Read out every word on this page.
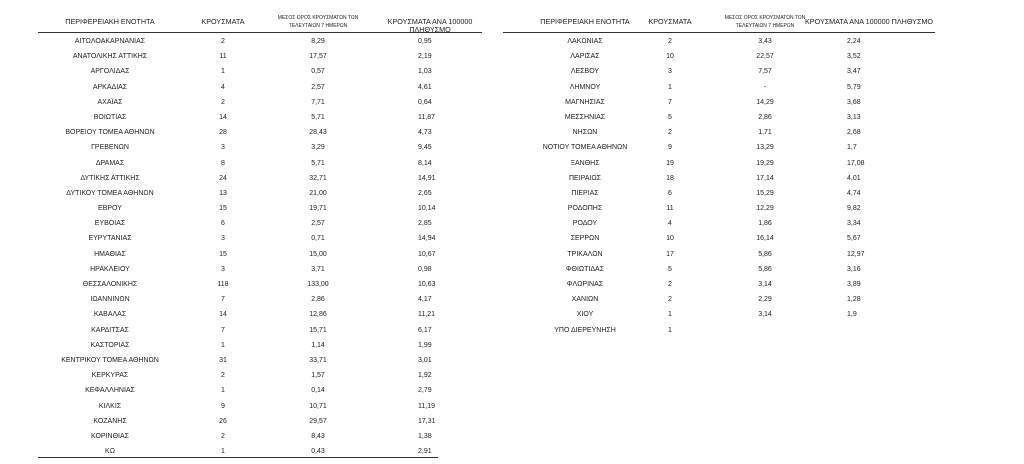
ΠΕΡΙΦΕΡΕΙΑΚΗ ΕΝΟΤΗΤΑ	ΚΡΟΥΣΜΑΤΑ	ΜΕΣΟΣ ΟΡΟΣ ΚΡΟΥΣΜΑΤΩΝ ΤΩΝ ΤΕΛΕΥΤΑΙΩΝ 7 ΗΜΕΡΩΝ	ΚΡΟΥΣΜΑΤΑ ΑΝΑ 100000 ΠΛΗΘΥΣΜΟ
ΑΙΤΩΛΟΑΚΑΡΝΑΝΙΑΣ	2	8,29	0,95
ΑΝΑΤΟΛΙΚΗΣ ΑΤΤΙΚΗΣ	11	17,57	2,19
ΑΡΓΟΛΙΔΑΣ	1	0,57	1,03
ΑΡΚΑΔΙΑΣ	4	2,57	4,61
ΑΧΑΪΑΣ	2	7,71	0,64
ΒΟΙΩΤΙΑΣ	14	5,71	11,87
ΒΟΡΕΙΟΥ ΤΟΜΕΑ ΑΘΗΝΩΝ	28	28,43	4,73
ΓΡΕΒΕΝΩΝ	3	3,29	9,45
ΔΡΑΜΑΣ	8	5,71	8,14
ΔΥΤΙΚΗΣ ΑΤΤΙΚΗΣ	24	32,71	14,91
ΔΥΤΙΚΟΥ ΤΟΜΕΑ ΑΘΗΝΩΝ	13	21,00	2,65
ΕΒΡΟΥ	15	19,71	10,14
ΕΥΒΟΙΑΣ	6	2,57	2,85
ΕΥΡΥΤΑΝΙΑΣ	3	0,71	14,94
ΗΜΑΘΙΑΣ	15	15,00	10,67
ΗΡΑΚΛΕΙΟΥ	3	3,71	0,98
ΘΕΣΣΑΛΟΝΙΚΗΣ	118	133,00	10,63
ΙΩΑΝΝΙΝΩΝ	7	2,86	4,17
ΚΑΒΑΛΑΣ	14	12,86	11,21
ΚΑΡΔΙΤΣΑΣ	7	15,71	6,17
ΚΑΣΤΟΡΙΑΣ	1	1,14	1,99
ΚΕΝΤΡΙΚΟΥ ΤΟΜΕΑ ΑΘΗΝΩΝ	31	33,71	3,01
ΚΕΡΚΥΡΑΣ	2	1,57	1,92
ΚΕΦΑΛΛΗΝΙΑΣ	1	0,14	2,79
ΚΙΛΚΙΣ	9	10,71	11,19
ΚΟΖΑΝΗΣ	26	29,57	17,31
ΚΟΡΙΝΘΙΑΣ	2	8,43	1,38
ΚΩ	1	0,43	2,91
ΠΕΡΙΦΕΡΕΙΑΚΗ ΕΝΟΤΗΤΑ	ΚΡΟΥΣΜΑΤΑ	ΜΕΣΟΣ ΟΡΟΣ ΚΡΟΥΣΜΑΤΩΝ ΤΩΝ ΤΕΛΕΥΤΑΙΩΝ 7 ΗΜΕΡΩΝ	ΚΡΟΥΣΜΑΤΑ ΑΝΑ 100000 ΠΛΗΘΥΣΜΟ
ΛΑΚΩΝΙΑΣ	2	3,43	2,24
ΛΑΡΙΣΑΣ	10	22,57	3,52
ΛΕΣΒΟΥ	3	7,57	3,47
ΛΗΜΝΟΥ	1	-	5,79
ΜΑΓΝΗΣΙΑΣ	7	14,29	3,68
ΜΕΣΣΗΝΙΑΣ	5	2,86	3,13
ΝΗΣΩΝ	2	1,71	2,68
ΝΟΤΙΟΥ ΤΟΜΕΑ ΑΘΗΝΩΝ	9	13,29	1,7
ΞΑΝΘΗΣ	19	19,29	17,08
ΠΕΙΡΑΙΩΣ	18	17,14	4,01
ΠΙΕΡΙΑΣ	6	15,29	4,74
ΡΟΔΟΠΗΣ	11	12,29	9,82
ΡΟΔΟΥ	4	1,86	3,34
ΣΕΡΡΩΝ	10	16,14	5,67
ΤΡΙΚΑΛΩΝ	17	5,86	12,97
ΦΘΙΩΤΙΔΑΣ	5	5,86	3,16
ΦΛΩΡΙΝΑΣ	2	3,14	3,89
ΧΑΝΙΩΝ	2	2,29	1,28
ΧΙΟΥ	1	3,14	1,9
ΥΠΟ ΔΙΕΡΕΥΝΗΣΗ	1
